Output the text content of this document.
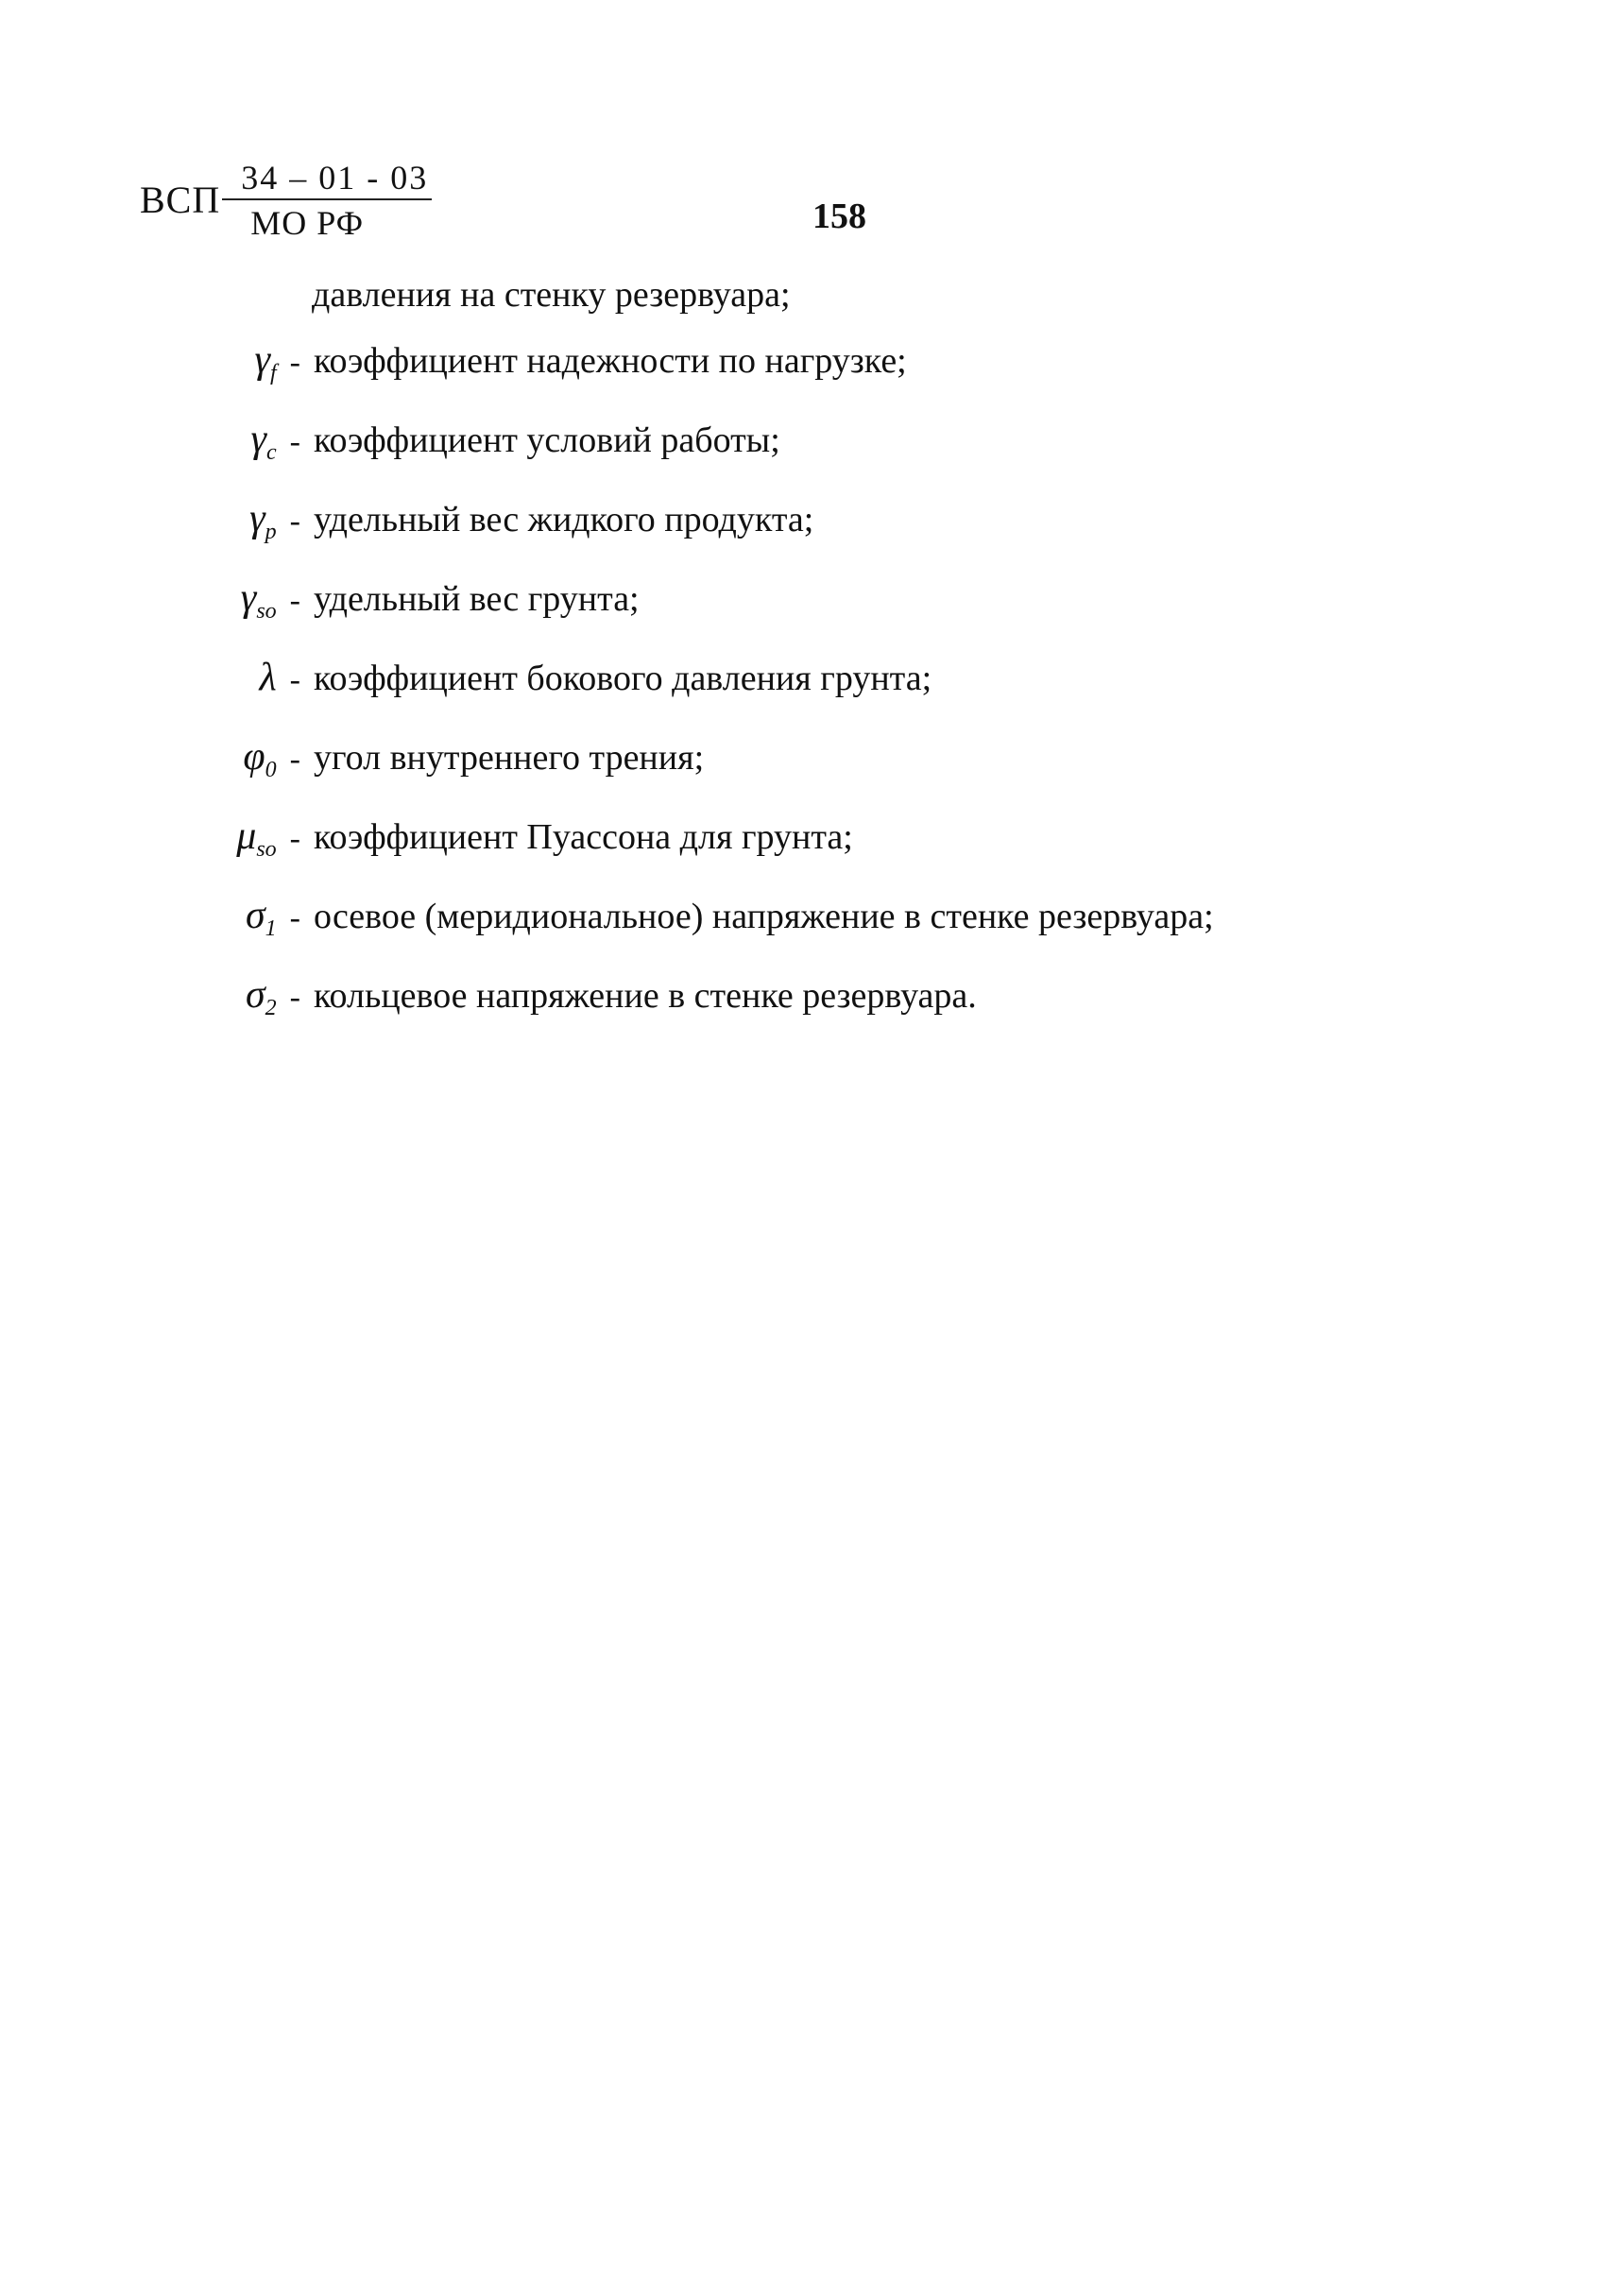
ВСП $\frac{34 - 01 - 03}{\text{МО РФ}}$	158
давления на стенку резервуара;
$\gamma_f$ - коэффициент надежности по нагрузке;
$\gamma_c$ - коэффициент условий работы;
$\gamma_p$ - удельный вес жидкого продукта;
$\gamma_{so}$ - удельный вес грунта;
λ - коэффициент бокового давления грунта;
$\varphi_0$ - угол внутреннего трения;
$\mu_{so}$ - коэффициент Пуассона для грунта;
$\sigma_1$ - осевое (меридиональное) напряжение в стенке резервуара;
$\sigma_2$ - кольцевое напряжение в стенке резервуара.
